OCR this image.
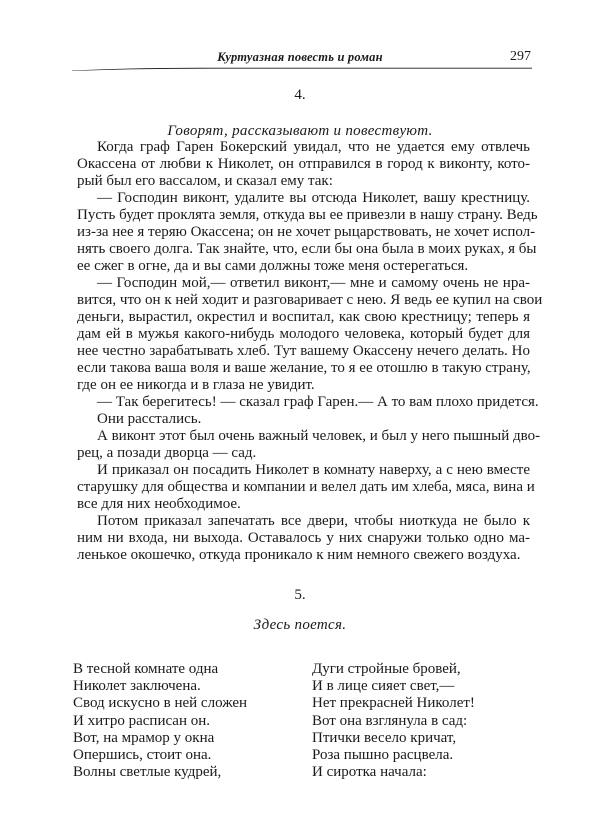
Куртуазная повесть и роман	297
4.
Говорят, рассказывают и повествуют.
Когда граф Гарен Бокерский увидал, что не удается ему отвлечь
Окассена от любви к Николет, он отправился в город к виконту, кото-
рый был его вассалом, и сказал ему так:
— Господин виконт, удалите вы отсюда Николет, вашу крестницу.
Пусть будет проклята земля, откуда вы ее привезли в нашу страну. Ведь
из-за нее я теряю Окассена; он не хочет рыцарствовать, не хочет испол-
нять своего долга. Так знайте, что, если бы она была в моих руках, я бы
ее сжег в огне, да и вы сами должны тоже меня остерегаться.
— Господин мой,— ответил виконт,— мне и самому очень не нра-
вится, что он к ней ходит и разговаривает с нею. Я ведь ее купил на свои
деньги, вырастил, окрестил и воспитал, как свою крестницу; теперь я
дам ей в мужья какого-нибудь молодого человека, который будет для
нее честно зарабатывать хлеб. Тут вашему Окассену нечего делать. Но
если такова ваша воля и ваше желание, то я ее отошлю в такую страну,
где он ее никогда и в глаза не увидит.
— Так берегитесь! — сказал граф Гарен.— А то вам плохо придется.
Они расстались.
А виконт этот был очень важный человек, и был у него пышный дво-
рец, а позади дворца — сад.
И приказал он посадить Николет в комнату наверху, а с нею вместе
старушку для общества и компании и велел дать им хлеба, мяса, вина и
все для них необходимое.
Потом приказал запечатать все двери, чтобы ниоткуда не было к
ним ни входа, ни выхода. Оставалось у них снаружи только одно ма-
ленькое окошечко, откуда проникало к ним немного свежего воздуха.
5.
Здесь поется.
В тесной комнате одна
Николет заключена.
Свод искусно в ней сложен
И хитро расписан он.
Вот, на мрамор у окна
Опершись, стоит она.
Волны светлые кудрей,
Дуги стройные бровей,
И в лице сияет свет,—
Нет прекрасней Николет!
Вот она взглянула в сад:
Птички весело кричат,
Роза пышно расцвела.
И сиротка начала:
